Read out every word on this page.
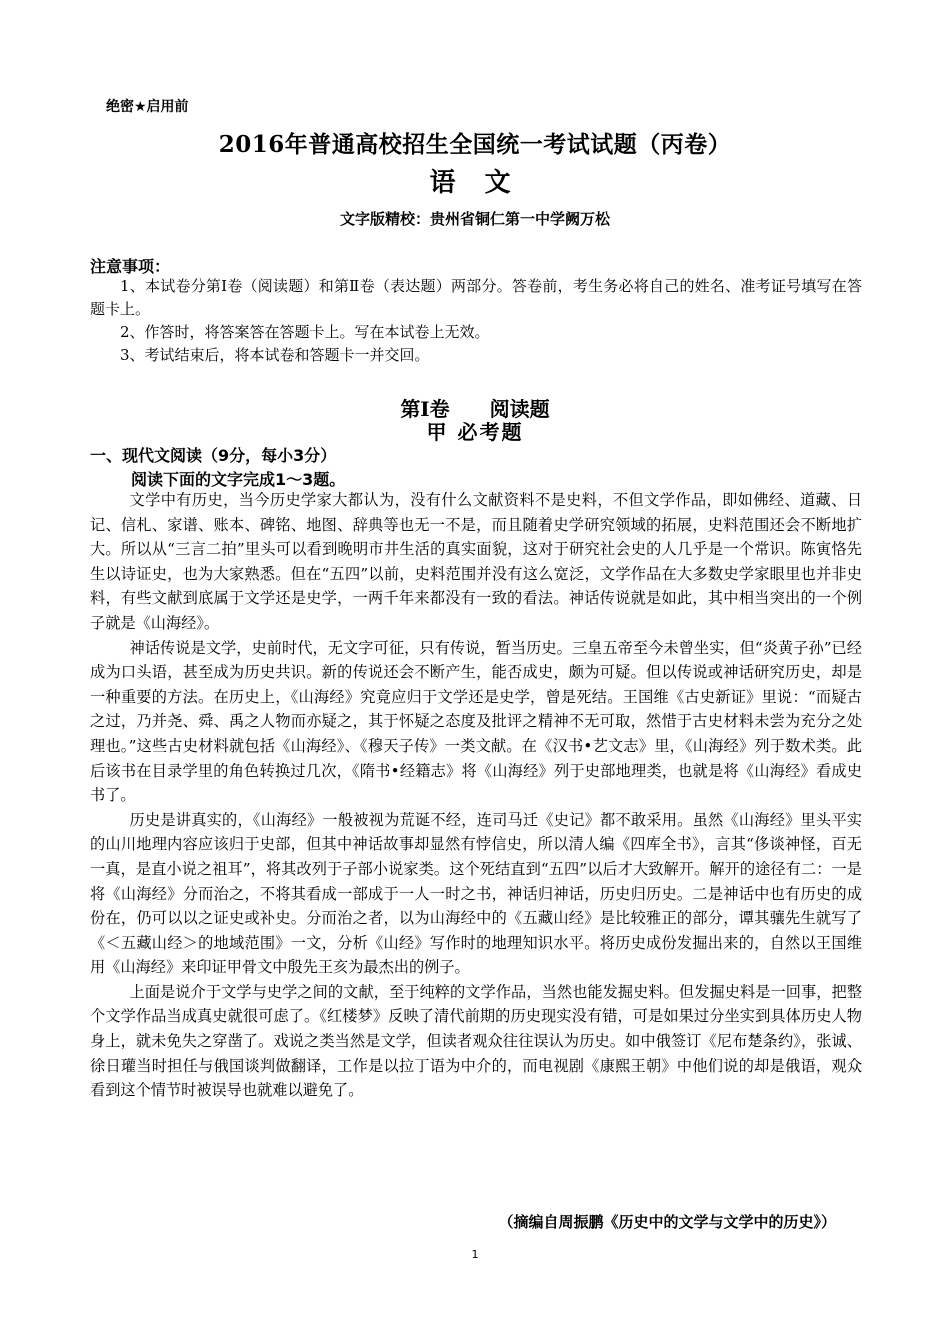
绝密★启用前
2016年普通高校招生全国统一考试试题（丙卷）
语 文
文字版精校：贵州省铜仁第一中学阙万松
注意事项：

1、本试卷分第Ⅰ卷（阅读题）和第Ⅱ卷（表达题）两部分。答卷前，考生务必将自己的姓名、准考证号填写在答题卡上。

2、作答时，将答案答在答题卡上。写在本试卷上无效。

3、考试结束后，将本试卷和答题卡一并交回。

第Ⅰ卷 阅读题
甲 必考题
一、现代文阅读（9分，每小3分）
阅读下面的文字完成1～3题。

文学中有历史，当今历史学家大都认为，没有什么文献资料不是史料，不但文学作品，即如佛经、道藏、日记、信札、家谱、账本、碑铭、地图、辞典等也无一不是，而且随着史学研究领域的拓展，史料范围还会不断地扩大。所以从“三言二拍”里头可以看到晚明市井生活的真实面貌，这对于研究社会史的人几乎是一个常识。陈寅恪先生以诗证史，也为大家熟悉。但在“五四”以前，史料范围并没有这么宽泛，文学作品在大多数史学家眼里也并非史料，有些文献到底属于文学还是史学，一两千年来都没有一致的看法。神话传说就是如此，其中相当突出的一个例子就是《山海经》。

神话传说是文学，史前时代，无文字可征，只有传说，暂当历史。三皇五帝至今未曾坐实，但“炎黄子孙”已经成为口头语，甚至成为历史共识。新的传说还会不断产生，能否成史，颇为可疑。但以传说或神话研究历史，却是一种重要的方法。在历史上，《山海经》究竟应归于文学还是史学，曾是死结。王国维《古史新证》里说：“而疑古之过，乃并尧、舜、禹之人物而亦疑之，其于怀疑之态度及批评之精神不无可取，然惜于古史材料未尝为充分之处理也。”这些古史材料就包括《山海经》、《穆天子传》一类文献。在《汉书•艺文志》里，《山海经》列于数术类。此后该书在目录学里的角色转换过几次，《隋书•经籍志》将《山海经》列于史部地理类，也就是将《山海经》看成史书了。

历史是讲真实的，《山海经》一般被视为荒诞不经，连司马迁《史记》都不敢采用。虽然《山海经》里头平实的山川地理内容应该归于史部，但其中神话故事却显然有悖信史，所以清人编《四库全书》，言其“侈谈神怪，百无一真，是直小说之祖耳”，将其改列于子部小说家类。这个死结直到“五四”以后才大致解开。解开的途径有二：一是将《山海经》分而治之，不将其看成一部成于一人一时之书，神话归神话，历史归历史。二是神话中也有历史的成份在，仍可以以之证史或补史。分而治之者，以为山海经中的《五藏山经》是比较雅正的部分，谭其骧先生就写了《＜五藏山经＞的地域范围》一文，分析《山经》写作时的地理知识水平。将历史成份发掘出来的，自然以王国维用《山海经》来印证甲骨文中殷先王亥为最杰出的例子。

上面是说介于文学与史学之间的文献，至于纯粹的文学作品，当然也能发掘史料。但发掘史料是一回事，把整个文学作品当成真史就很可虑了。《红楼梦》反映了清代前期的历史现实没有错，可是如果过分坐实到具体历史人物身上，就未免失之穿凿了。戏说之类当然是文学，但读者观众往往误认为历史。如中俄签订《尼布楚条约》，张诚、徐日瓘当时担任与俄国谈判做翻译，工作是以拉丁语为中介的，而电视剧《康熙王朝》中他们说的却是俄语，观众看到这个情节时被误导也就难以避免了。

（摘编自周振鹏《历史中的文学与文学中的历史》）
1
